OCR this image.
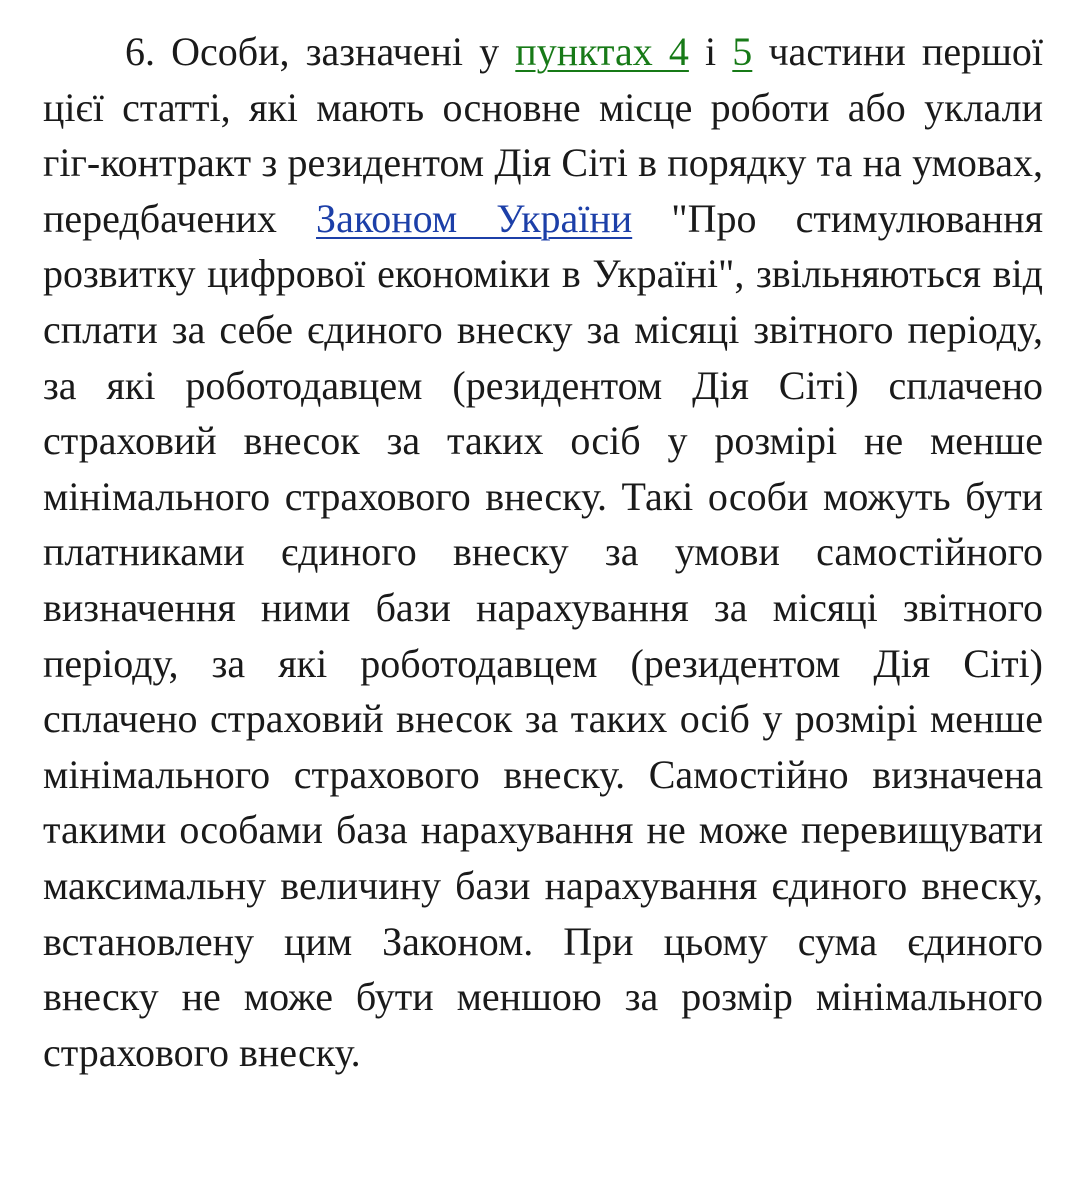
6. Особи, зазначені у пунктах 4 і 5 частини першої цієї статті, які мають основне місце роботи або уклали гіг-контракт з резидентом Дія Сіті в порядку та на умовах, передбачених Законом України "Про стимулювання розвитку цифрової економіки в Україні", звільняються від сплати за себе єдиного внеску за місяці звітного періоду, за які роботодавцем (резидентом Дія Сіті) сплачено страховий внесок за таких осіб у розмірі не менше мінімального страхового внеску. Такі особи можуть бути платниками єдиного внеску за умови самостійного визначення ними бази нарахування за місяці звітного періоду, за які роботодавцем (резидентом Дія Сіті) сплачено страховий внесок за таких осіб у розмірі менше мінімального страхового внеску. Самостійно визначена такими особами база нарахування не може перевищувати максимальну величину бази нарахування єдиного внеску, встановлену цим Законом. При цьому сума єдиного внеску не може бути меншою за розмір мінімального страхового внеску.
